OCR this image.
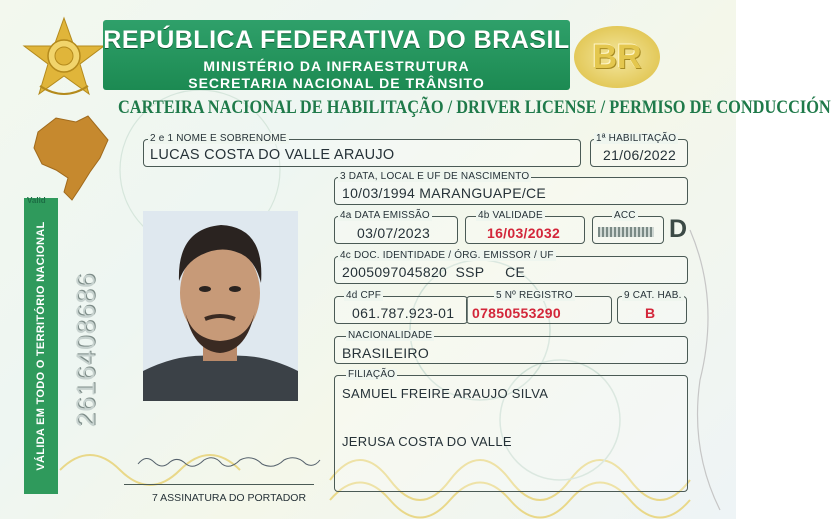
REPÚBLICA FEDERATIVA DO BRASIL
MINISTÉRIO DA INFRAESTRUTURA
SECRETARIA NACIONAL DE TRÂNSITO
BR
CARTEIRA NACIONAL DE HABILITAÇÃO / DRIVER LICENSE / PERMISO DE CONDUCCIÓN
VÁLIDA EM TODO O TERRITÓRIO NACIONAL
Valid
2616408686
2 e 1 NOME E SOBRENOME
LUCAS COSTA DO VALLE ARAUJO
1ª HABILITAÇÃO
21/06/2022
3 DATA, LOCAL E UF DE NASCIMENTO
10/03/1994 MARANGUAPE/CE
4a DATA EMISSÃO
03/07/2023
4b VALIDADE
16/03/2032
ACC D
4c DOC. IDENTIDADE / ÓRG. EMISSOR / UF
2005097045820  SSP     CE
4d CPF
061.787.923-01
5 Nº REGISTRO
07850553290
9 CAT. HAB.
B
NACIONALIDADE
BRASILEIRO
FILIAÇÃO
SAMUEL FREIRE ARAUJO SILVA
JERUSA COSTA DO VALLE
7 ASSINATURA DO PORTADOR
